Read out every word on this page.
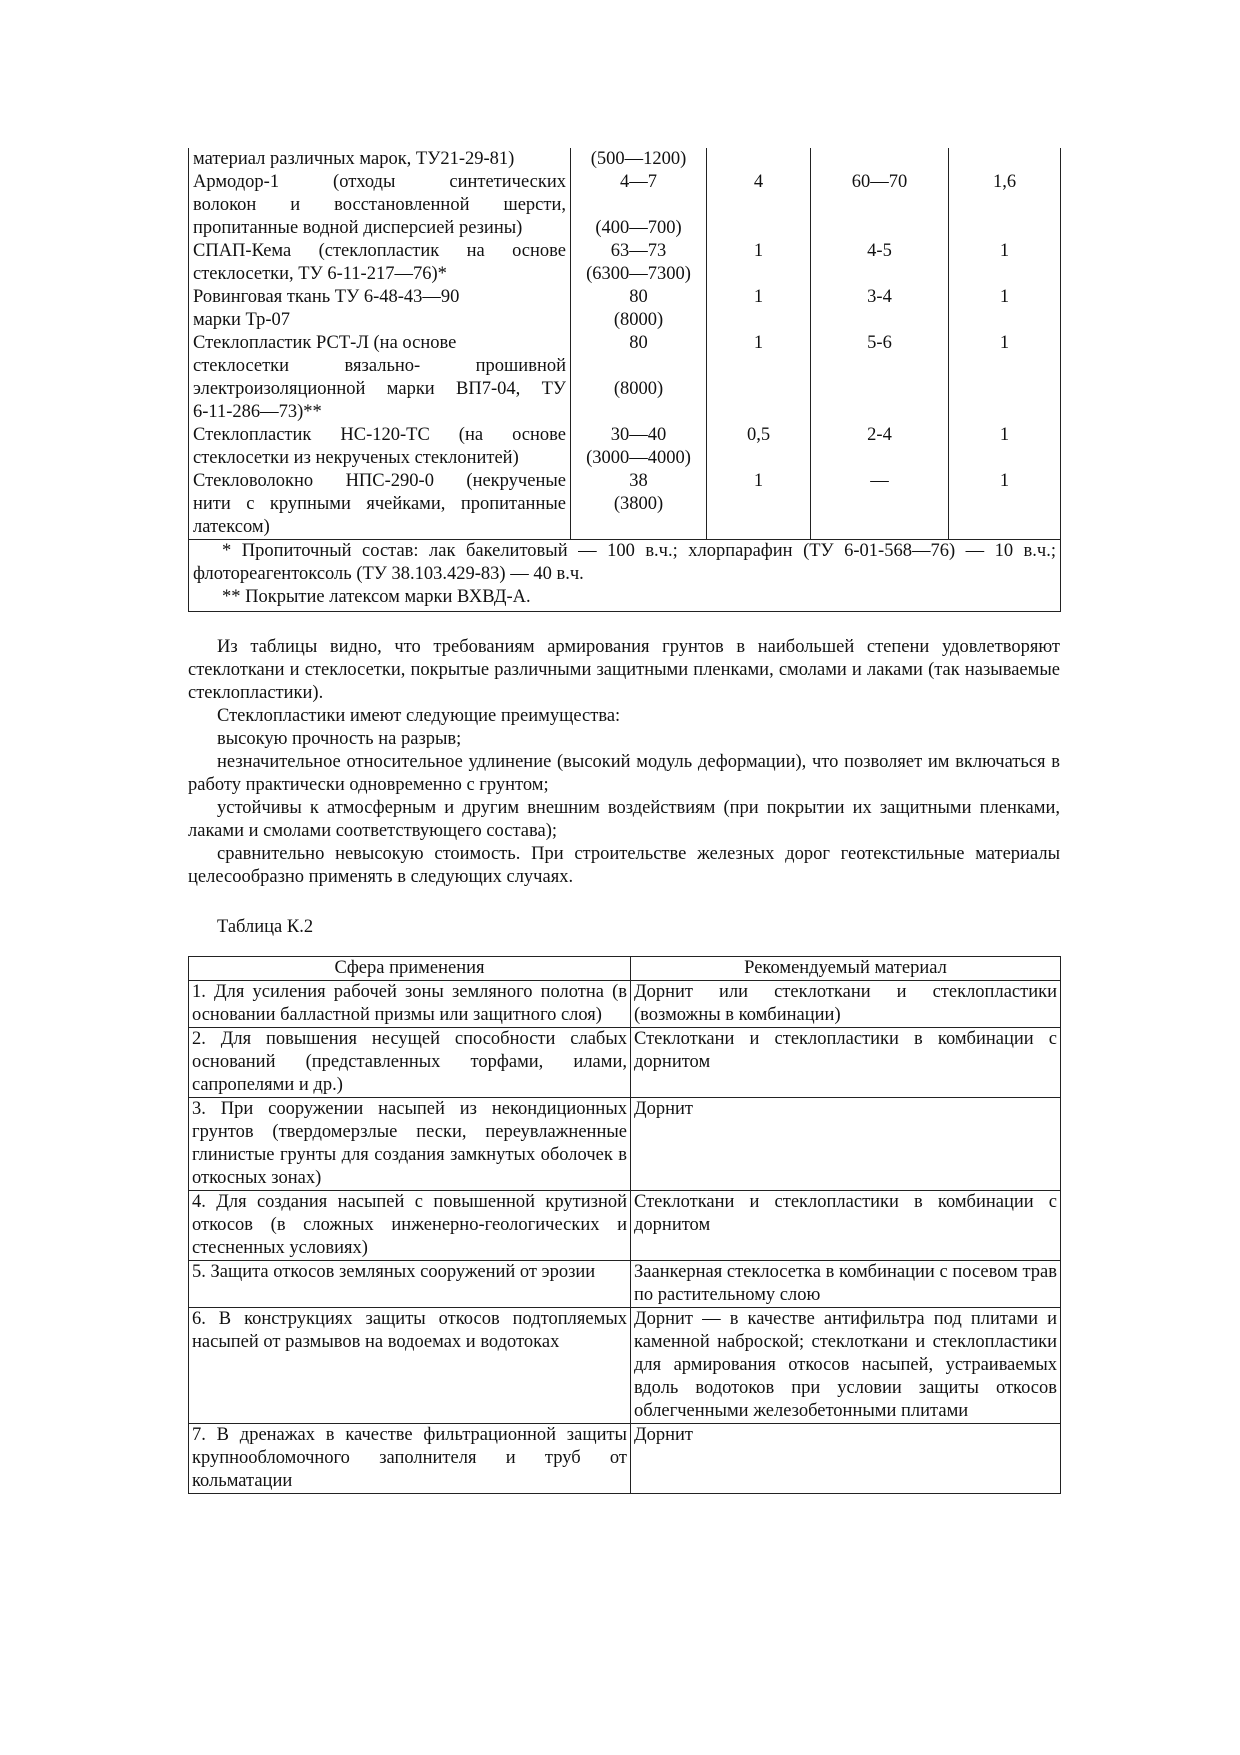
материал различных марок, ТУ21-29-81)	(500—1200)			

Армодор-1 (отходы синтетических
волокон и восстановленной шерсти,
пропитанные водной дисперсией резины)	4—7
(400—700)	4	60—70	1,6

СПАП-Кема (стеклопластик на основе
стеклосетки, ТУ 6-11-217—76)*	63—73
(6300—7300)	1	4-5	1

Ровинговая ткань ТУ 6-48-43—90
марки Тр-07	80
(8000)	1	3-4	1

Стеклопластик РСТ-Л (на основе
стеклосетки вязально- прошивной
электроизоляционной марки ВП7-04, ТУ
6-11-286—73)**	80
(8000)	1	5-6	1

Стеклопластик НС-120-ТС (на основе
стеклосетки из некрученых стеклонитей)	30—40
(3000—4000)	0,5	2-4	1

Стекловолокно НПС-290-0 (некрученые
нити с крупными ячейками, пропитанные
латексом)	38
(3800)	1	—	1

* Пропиточный состав: лак бакелитовый — 100 в.ч.; хлорпарафин (ТУ 6-01-568—76) — 10 в.ч.; флотореагентоксоль (ТУ 38.103.429-83) — 40 в.ч.
** Покрытие латексом марки ВХВД-А.				

Из таблицы видно, что требованиям армирования грунтов в наибольшей степени удовлетворяют стеклоткани и стеклосетки, покрытые различными защитными пленками, смолами и лаками (так называемые стеклопластики).

Стеклопластики имеют следующие преимущества:

высокую прочность на разрыв;

незначительное относительное удлинение (высокий модуль деформации), что позволяет им включаться в работу практически одновременно с грунтом;

устойчивы к атмосферным и другим внешним воздействиям (при покрытии их защитными пленками, лаками и смолами соответствующего состава);

сравнительно невысокую стоимость. При строительстве железных дорог геотекстильные материалы целесообразно применять в следующих случаях.

Таблица К.2
Сфера применения	Рекомендуемый материал
1. Для усиления рабочей зоны земляного полотна (в основании балластной призмы или защитного слоя)	Дорнит или стеклоткани и стеклопластики (возможны в комбинации)
2. Для повышения несущей способности слабых оснований (представленных торфами, илами, сапропелями и др.)	Стеклоткани и стеклопластики в комбинации с дорнитом
3. При сооружении насыпей из некондиционных грунтов (твердомерзлые пески, переувлажненные глинистые грунты для создания замкнутых оболочек в откосных зонах)	Дорнит
4. Для создания насыпей с повышенной крутизной откосов (в сложных инженерно-геологических и стесненных условиях)	Стеклоткани и стеклопластики в комбинации с дорнитом
5. Защита откосов земляных сооружений от эрозии	Заанкерная стеклосетка в комбинации с посевом трав по растительному слою
6. В конструкциях защиты откосов подтопляемых насыпей от размывов на водоемах и водотоках	Дорнит — в качестве антифильтра под плитами и каменной наброской; стеклоткани и стеклопластики для армирования откосов насыпей, устраиваемых вдоль водотоков при условии защиты откосов облегченными железобетонными плитами
7. В дренажах в качестве фильтрационной защиты крупнообломочного заполнителя и труб от кольматации	Дорнит
